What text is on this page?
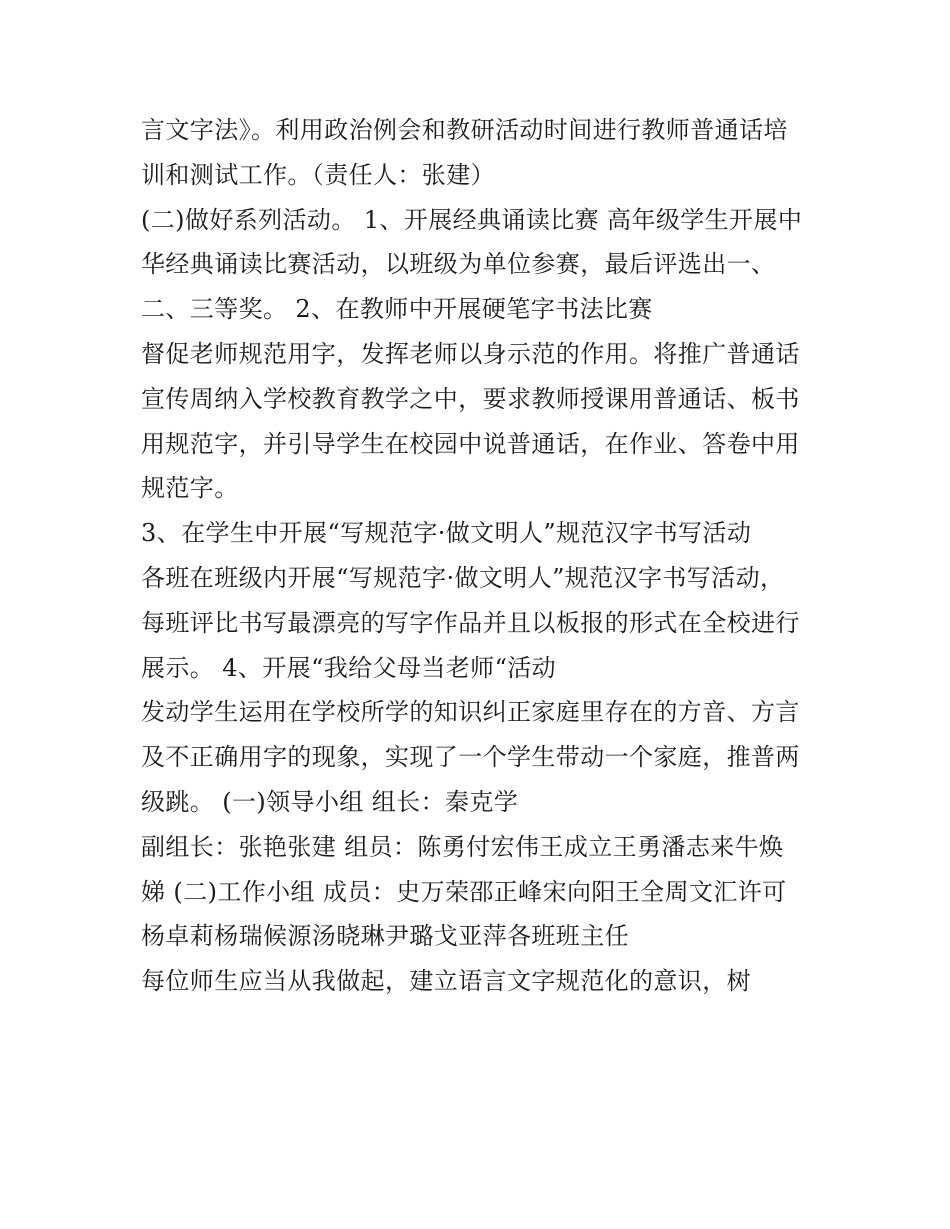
言文字法》。利用政治例会和教研活动时间进行教师普通话培
训和测试工作。（责任人：张建）
(二)做好系列活动。 1、开展经典诵读比赛 高年级学生开展中
华经典诵读比赛活动，以班级为单位参赛，最后评选出一、
二、三等奖。 2、在教师中开展硬笔字书法比赛
督促老师规范用字，发挥老师以身示范的作用。将推广普通话
宣传周纳入学校教育教学之中，要求教师授课用普通话、板书
用规范字，并引导学生在校园中说普通话，在作业、答卷中用
规范字。
3、在学生中开展“写规范字·做文明人”规范汉字书写活动
各班在班级内开展“写规范字·做文明人”规范汉字书写活动，
每班评比书写最漂亮的写字作品并且以板报的形式在全校进行
展示。 4、开展“我给父母当老师“活动
发动学生运用在学校所学的知识纠正家庭里存在的方音、方言
及不正确用字的现象，实现了一个学生带动一个家庭，推普两
级跳。 (一)领导小组 组长：秦克学
副组长：张艳张建 组员：陈勇付宏伟王成立王勇潘志来牛焕
娣 (二)工作小组 成员：史万荣邵正峰宋向阳王全周文汇许可
杨卓莉杨瑞候源汤晓琳尹璐戈亚萍各班班主任
每位师生应当从我做起，建立语言文字规范化的意识，树
